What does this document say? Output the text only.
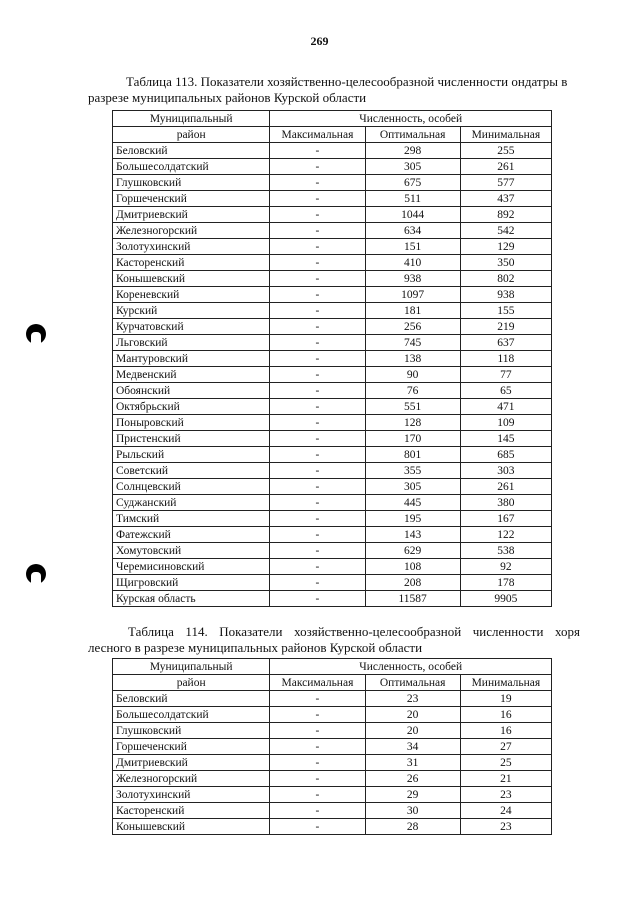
269
Таблица 113. Показатели хозяйственно-целесообразной численности ондатры в
разрезе муниципальных районов Курской области
Муниципальный	Численность, особей		
район	Максимальная	Оптимальная	Минимальная
Беловский	-	298	255
Большесолдатский	-	305	261
Глушковский	-	675	577
Горшеченский	-	511	437
Дмитриевский	-	1044	892
Железногорский	-	634	542
Золотухинский	-	151	129
Касторенский	-	410	350
Конышевский	-	938	802
Кореневский	-	1097	938
Курский	-	181	155
Курчатовский	-	256	219
Льговский	-	745	637
Мантуровский	-	138	118
Медвенский	-	90	77
Обоянский	-	76	65
Октябрьский	-	551	471
Поныровский	-	128	109
Пристенский	-	170	145
Рыльский	-	801	685
Советский	-	355	303
Солнцевский	-	305	261
Суджанский	-	445	380
Тимский	-	195	167
Фатежский	-	143	122
Хомутовский	-	629	538
Черемисиновский	-	108	92
Щигровский	-	208	178
Курская область	-	11587	9905
Таблица 114. Показатели хозяйственно-целесообразной численности хоря
лесного в разрезе муниципальных районов Курской области
Муниципальный	Численность, особей		
район	Максимальная	Оптимальная	Минимальная
Беловский	-	23	19
Большесолдатский	-	20	16
Глушковский	-	20	16
Горшеченский	-	34	27
Дмитриевский	-	31	25
Железногорский	-	26	21
Золотухинский	-	29	23
Касторенский	-	30	24
Конышевский	-	28	23
